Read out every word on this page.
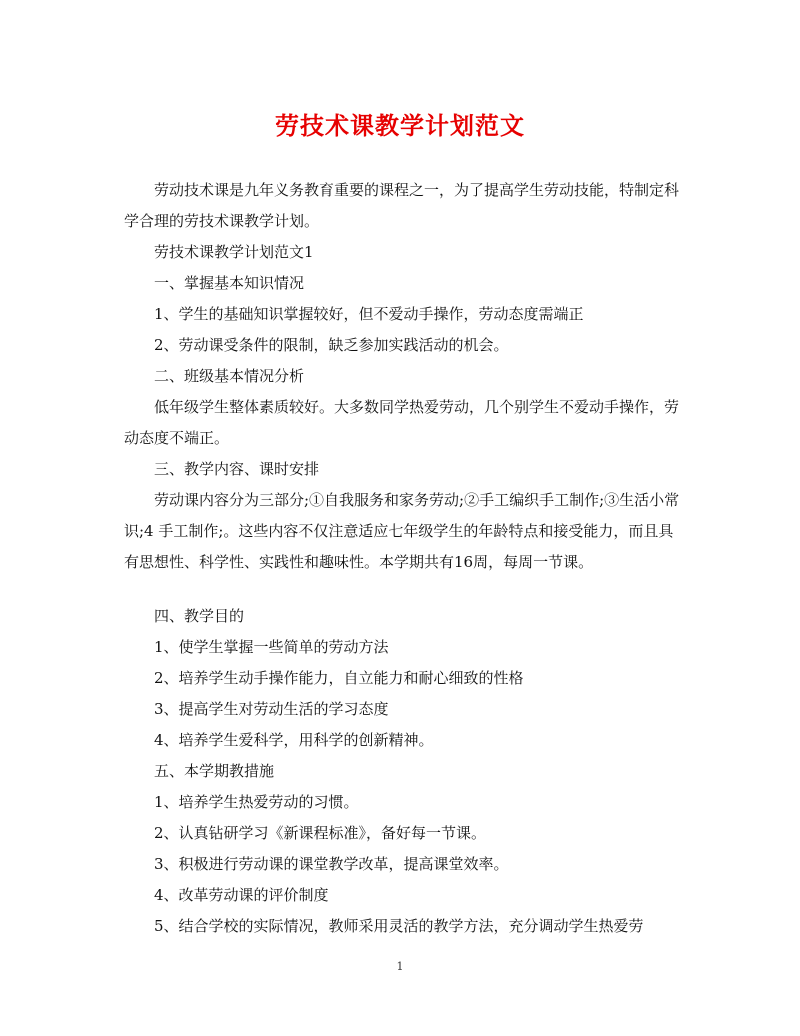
劳技术课教学计划范文

劳动技术课是九年义务教育重要的课程之一，为了提高学生劳动技能，特制定科学合理的劳技术课教学计划。

劳技术课教学计划范文1

一、掌握基本知识情况

1、学生的基础知识掌握较好，但不爱动手操作，劳动态度需端正

2、劳动课受条件的限制，缺乏参加实践活动的机会。

二、班级基本情况分析

低年级学生整体素质较好。大多数同学热爱劳动，几个别学生不爱动手操作，劳动态度不端正。

三、教学内容、课时安排

劳动课内容分为三部分;①自我服务和家务劳动;②手工编织手工制作;③生活小常识;4 手工制作;。这些内容不仅注意适应七年级学生的年龄特点和接受能力，而且具有思想性、科学性、实践性和趣味性。本学期共有16周，每周一节课。

四、教学目的

1、使学生掌握一些简单的劳动方法

2、培养学生动手操作能力，自立能力和耐心细致的性格

3、提高学生对劳动生活的学习态度

4、培养学生爱科学，用科学的创新精神。

五、本学期教措施

1、培养学生热爱劳动的习惯。

2、认真钻研学习《新课程标准》，备好每一节课。

3、积极进行劳动课的课堂教学改革，提高课堂效率。

4、改革劳动课的评价制度

5、结合学校的实际情况，教师采用灵活的教学方法，充分调动学生热爱劳

1
